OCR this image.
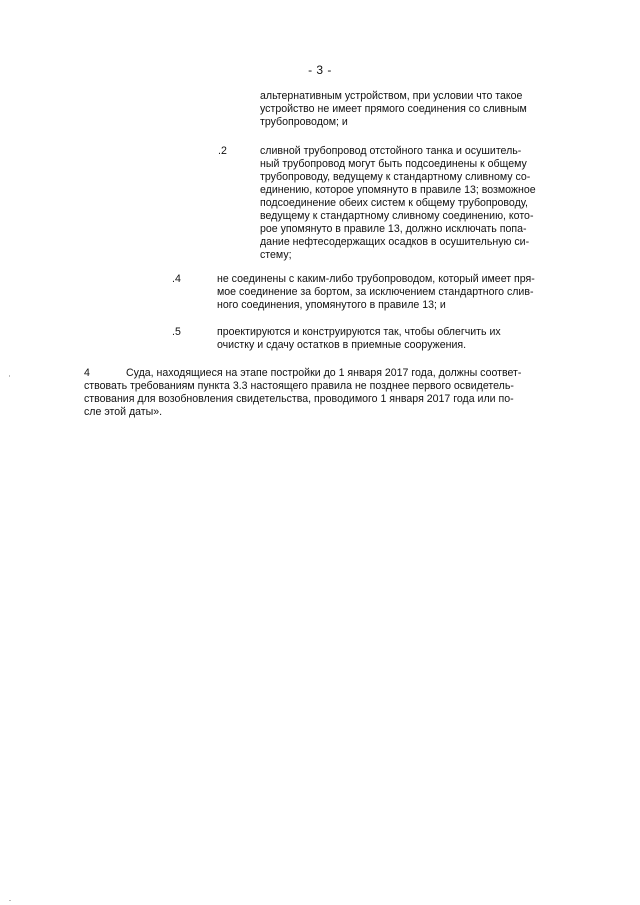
- 3 -
альтернативным устройством, при условии что такое
устройство не имеет прямого соединения со сливным
трубопроводом; и
.2	сливной трубопровод отстойного танка и осушитель-
ный трубопровод могут быть подсоединены к общему
трубопроводу, ведущему к стандартному сливному со-
единению, которое упомянуто в правиле 13; возможное
подсоединение обеих систем к общему трубопроводу,
ведущему к стандартному сливному соединению, кото-
рое упомянуто в правиле 13, должно исключать попа-
дание нефтесодержащих осадков в осушительную си-
стему;
.4	не соединены с каким-либо трубопроводом, который имеет пря-
мое соединение за бортом, за исключением стандартного слив-
ного соединения, упомянутого в правиле 13; и
.5	проектируются и конструируются так, чтобы облегчить их
очистку и сдачу остатков в приемные сооружения.
4	Суда, находящиеся на этапе постройки до 1 января 2017 года, должны соответ-
ствовать требованиям пункта 3.3 настоящего правила не позднее первого освидетель-
ствования для возобновления свидетельства, проводимого 1 января 2017 года или по-
сле этой даты».
